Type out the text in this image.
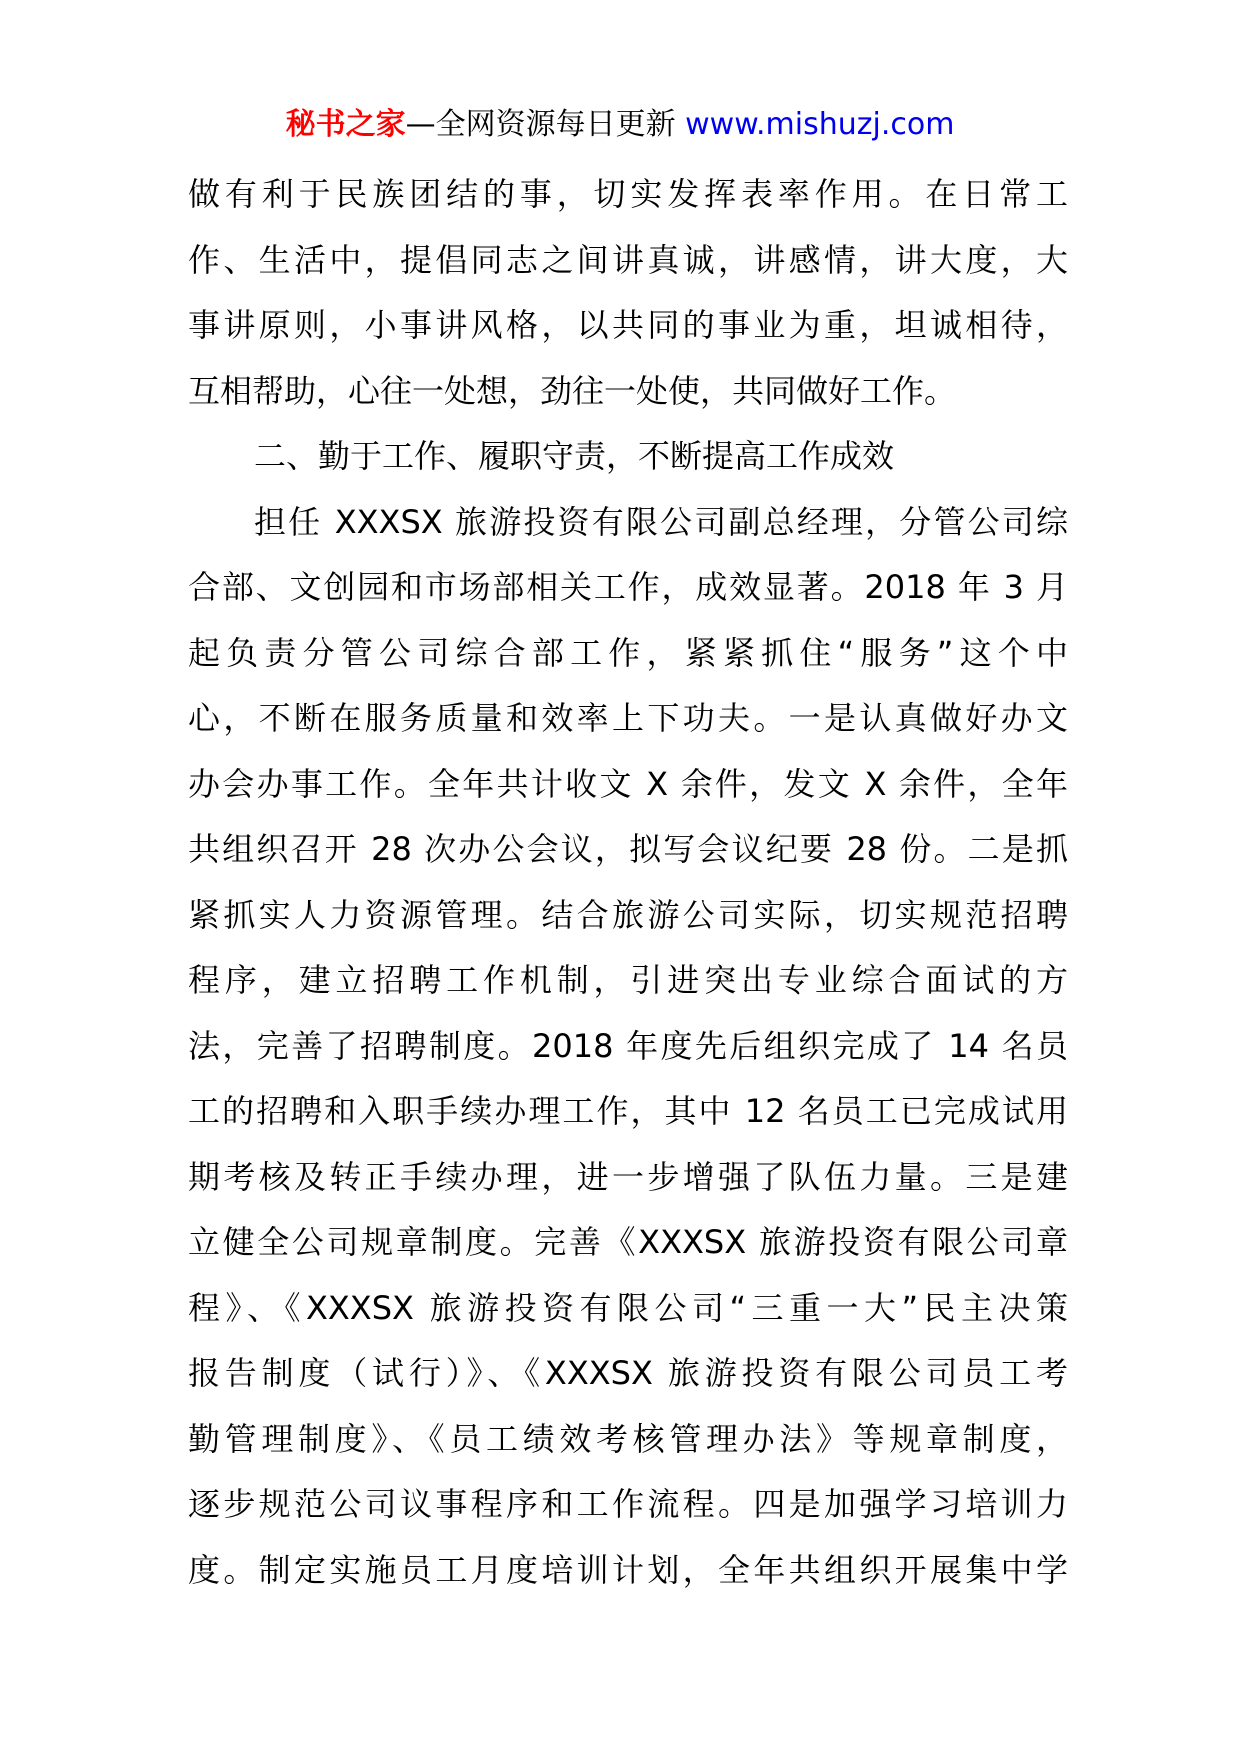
秘书之家—全网资源每日更新 www.mishuzj.com
做有利于民族团结的事，切实发挥表率作用。在日常工
作、生活中，提倡同志之间讲真诚，讲感情，讲大度，大
事讲原则，小事讲风格，以共同的事业为重，坦诚相待，
互相帮助，心往一处想，劲往一处使，共同做好工作。
二、勤于工作、履职守责，不断提高工作成效
担任 XXXSX 旅游投资有限公司副总经理，分管公司综
合部、文创园和市场部相关工作，成效显著。2018 年 3 月
起负责分管公司综合部工作，紧紧抓住“服务”这个中
心，不断在服务质量和效率上下功夫。一是认真做好办文
办会办事工作。全年共计收文 X 余件，发文 X 余件，全年
共组织召开 28 次办公会议，拟写会议纪要 28 份。二是抓
紧抓实人力资源管理。结合旅游公司实际，切实规范招聘
程序，建立招聘工作机制，引进突出专业综合面试的方
法，完善了招聘制度。2018 年度先后组织完成了 14 名员
工的招聘和入职手续办理工作，其中 12 名员工已完成试用
期考核及转正手续办理，进一步增强了队伍力量。三是建
立健全公司规章制度。完善《XXXSX 旅游投资有限公司章
程》、《XXXSX 旅游投资有限公司“三重一大”民主决策
报告制度（试行）》、《XXXSX 旅游投资有限公司员工考
勤管理制度》、《员工绩效考核管理办法》等规章制度，
逐步规范公司议事程序和工作流程。四是加强学习培训力
度。制定实施员工月度培训计划，全年共组织开展集中学
